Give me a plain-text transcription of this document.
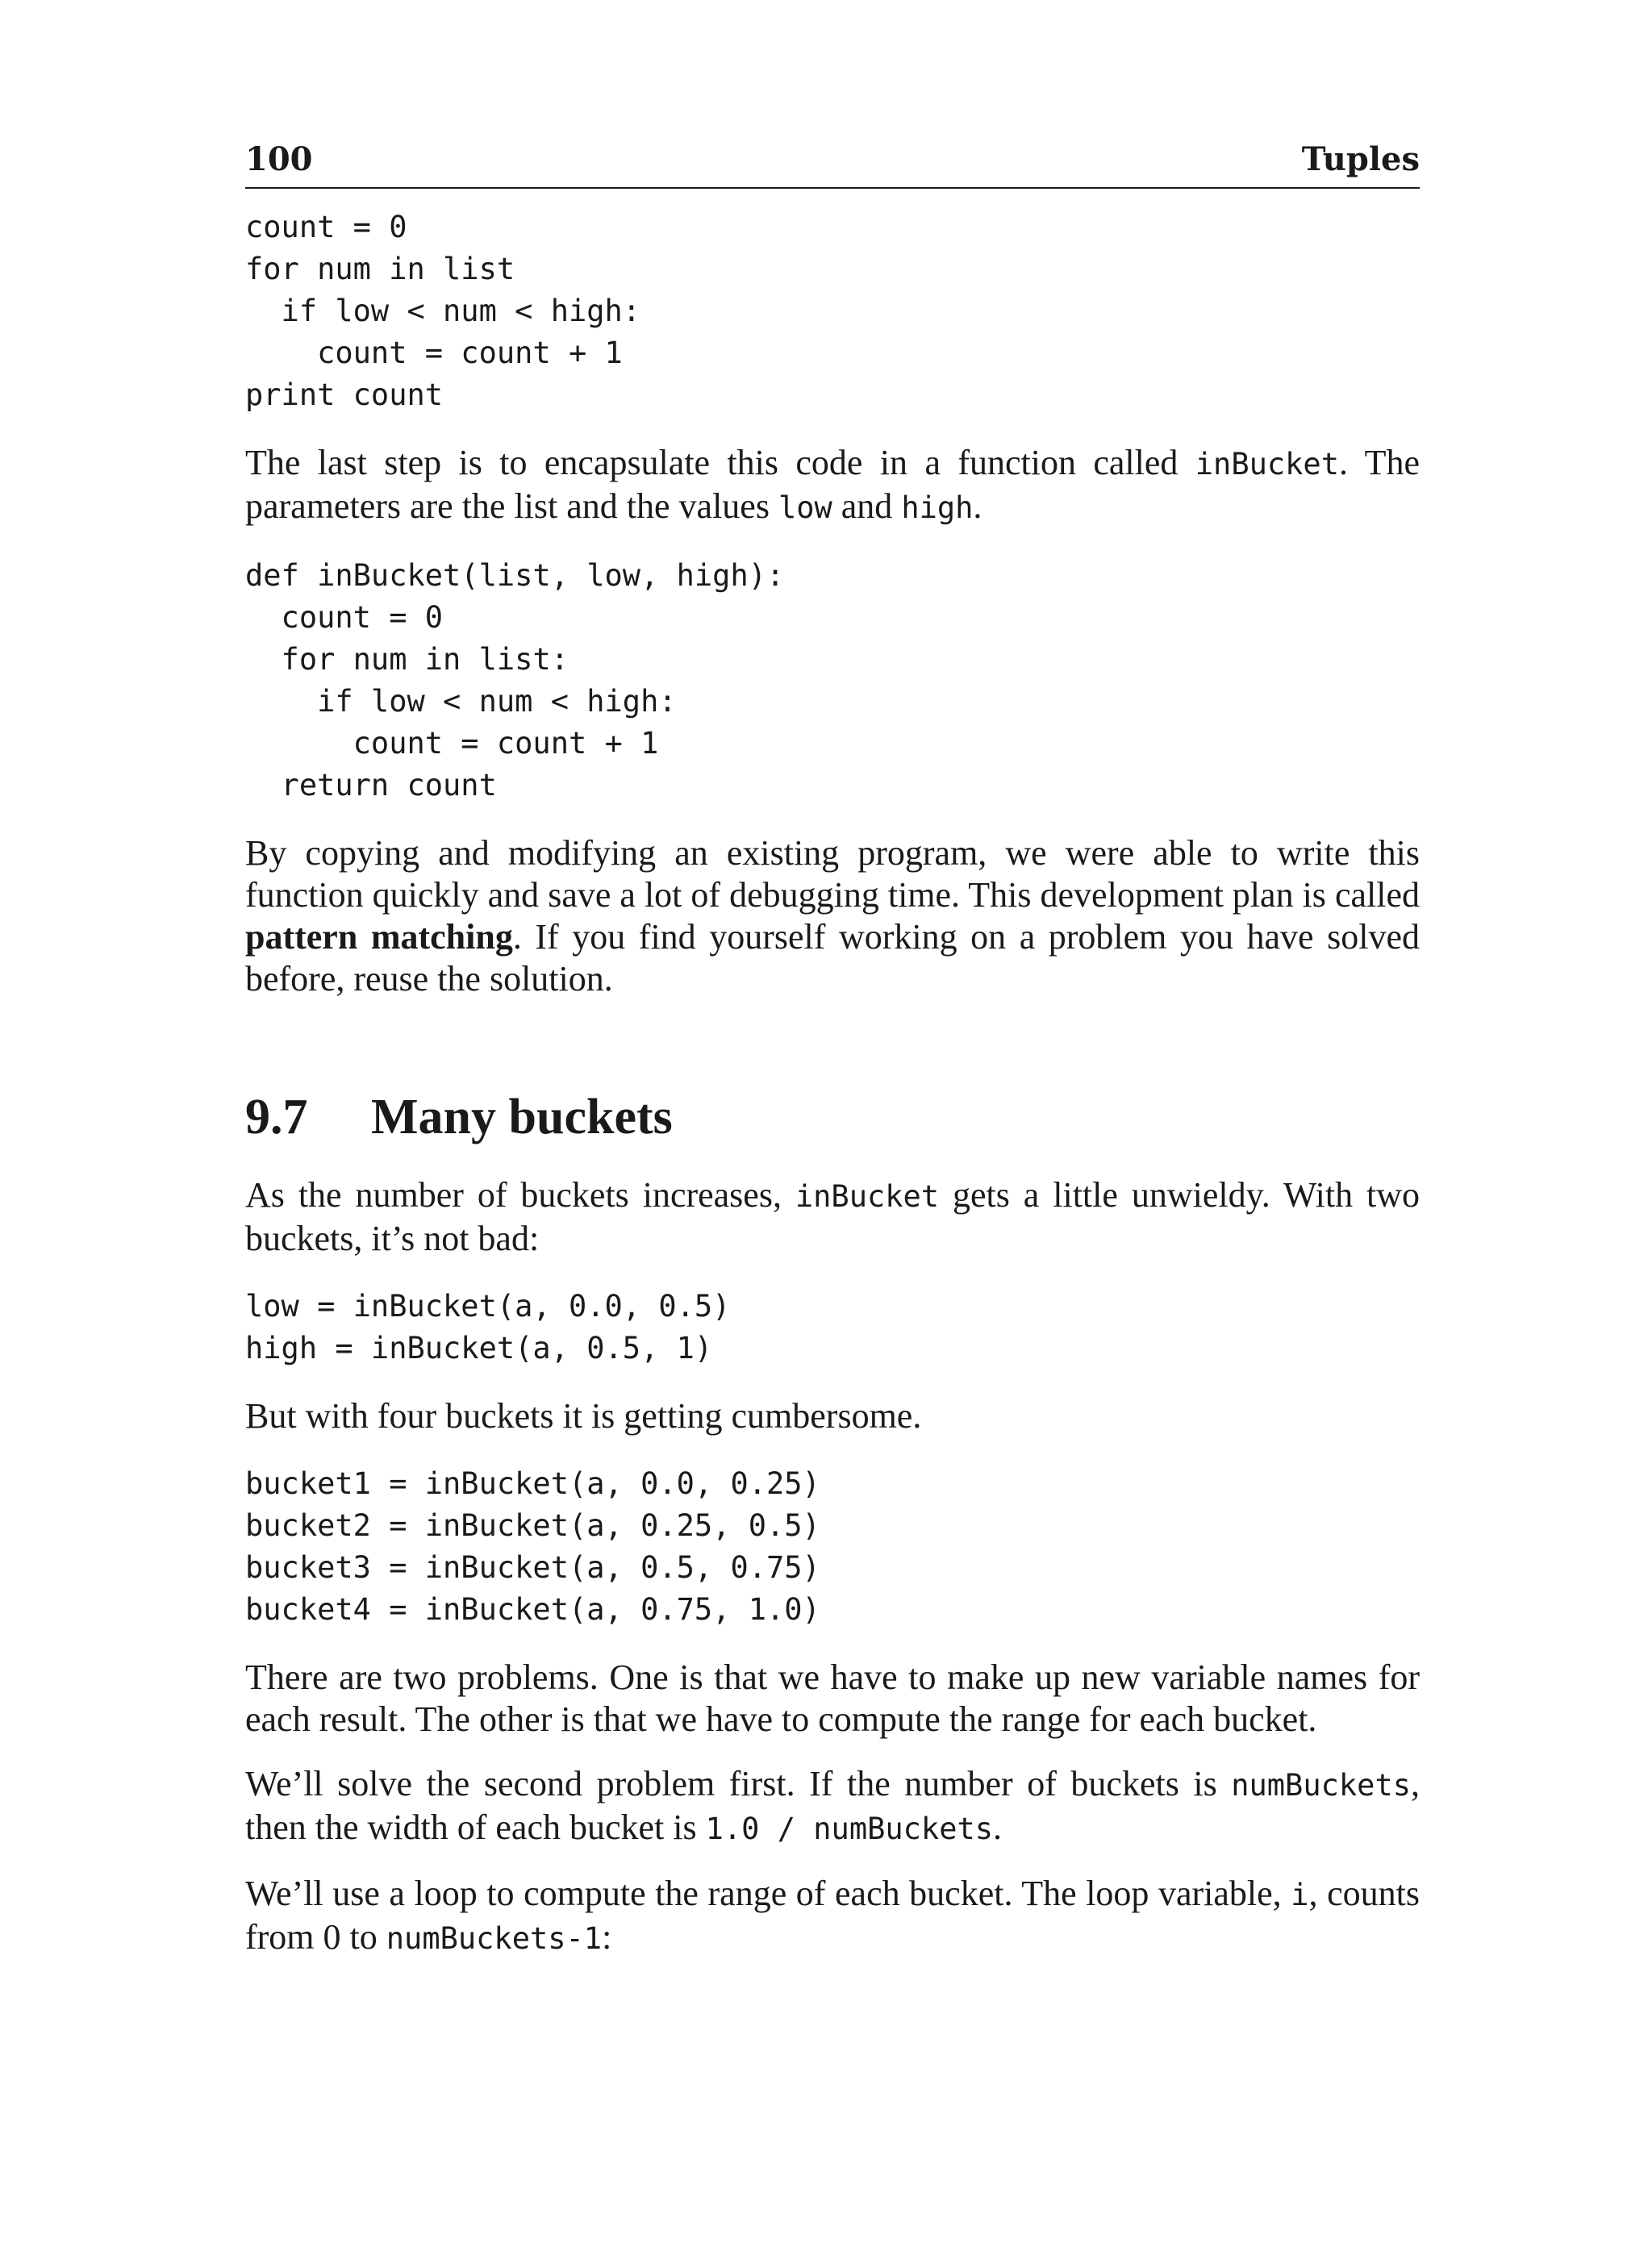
100	Tuples
count = 0
for num in list
if low < num < high:
count = count + 1
print count

The last step is to encapsulate this code in a function called inBucket. The parameters are the list and the values low and high.

def inBucket(list, low, high):
count = 0
for num in list:
if low < num < high:
count = count + 1
return count

By copying and modifying an existing program, we were able to write this function quickly and save a lot of debugging time. This development plan is called pattern matching. If you find yourself working on a problem you have solved before, reuse the solution.

9.7	Many buckets

As the number of buckets increases, inBucket gets a little unwieldy. With two buckets, it’s not bad:

low = inBucket(a, 0.0, 0.5)
high = inBucket(a, 0.5, 1)

But with four buckets it is getting cumbersome.

bucket1 = inBucket(a, 0.0, 0.25)
bucket2 = inBucket(a, 0.25, 0.5)
bucket3 = inBucket(a, 0.5, 0.75)
bucket4 = inBucket(a, 0.75, 1.0)

There are two problems. One is that we have to make up new variable names for each result. The other is that we have to compute the range for each bucket.

We’ll solve the second problem first. If the number of buckets is numBuckets, then the width of each bucket is 1.0 / numBuckets.

We’ll use a loop to compute the range of each bucket. The loop variable, i, counts from 0 to numBuckets-1:
